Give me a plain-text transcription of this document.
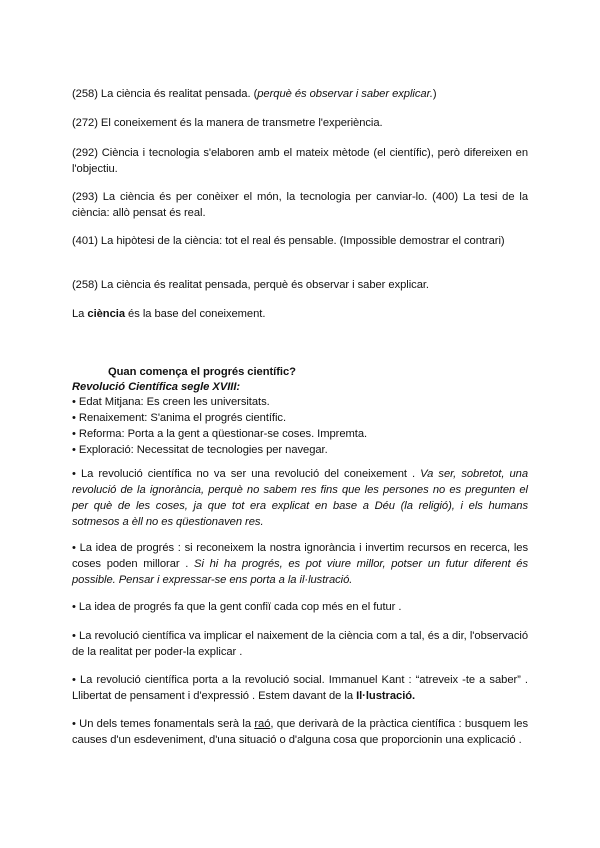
(258) La ciència és realitat pensada. (perquè és observar i saber explicar.)

(272) El coneixement és la manera de transmetre l'experiència.

(292) Ciència i tecnologia s'elaboren amb el mateix mètode (el científic), però difereixen en l'objectiu.

(293) La ciència és per conèixer el món, la tecnologia per canviar-lo. (400) La tesi de la ciència: allò pensat és real.

(401) La hipòtesi de la ciència: tot el real és pensable. (Impossible demostrar el contrari)

(258) La ciència és realitat pensada, perquè és observar i saber explicar.

La ciència és la base del coneixement.

Quan comença el progrés científic?

Revolució Científica segle XVIII:

• Edat Mitjana: Es creen les universitats.
• Renaixement: S'anima el progrés científic.
• Reforma: Porta a la gent a qüestionar-se coses. Impremta.
• Exploració: Necessitat de tecnologies per navegar.

• La revolució científica no va ser una revolució del coneixement . Va ser, sobretot, una revolució de la ignorància, perquè no sabem res fins que les persones no es pregunten el per què de les coses, ja que tot era explicat en base a Déu (la religió), i els humans sotmesos a èll no es qüestionaven res.

• La idea de progrés : si reconeixem la nostra ignorància i invertim recursos en recerca, les coses poden millorar . Si hi ha progrés, es pot viure millor, potser un futur diferent és possible. Pensar i expressar-se ens porta a la il·lustració.

• La idea de progrés fa que la gent confiï cada cop més en el futur .

• La revolució científica va implicar el naixement de la ciència com a tal, és a dir, l'observació de la realitat per poder-la explicar .

• La revolució científica porta a la revolució social. Immanuel Kant : “atreveix -te a saber” . Llibertat de pensament i d'expressió . Estem davant de la Il·lustració.

• Un dels temes fonamentals serà la raó, que derivarà de la pràctica científica : busquem les causes d'un esdeveniment, d'una situació o d'alguna cosa que proporcionin una explicació .
